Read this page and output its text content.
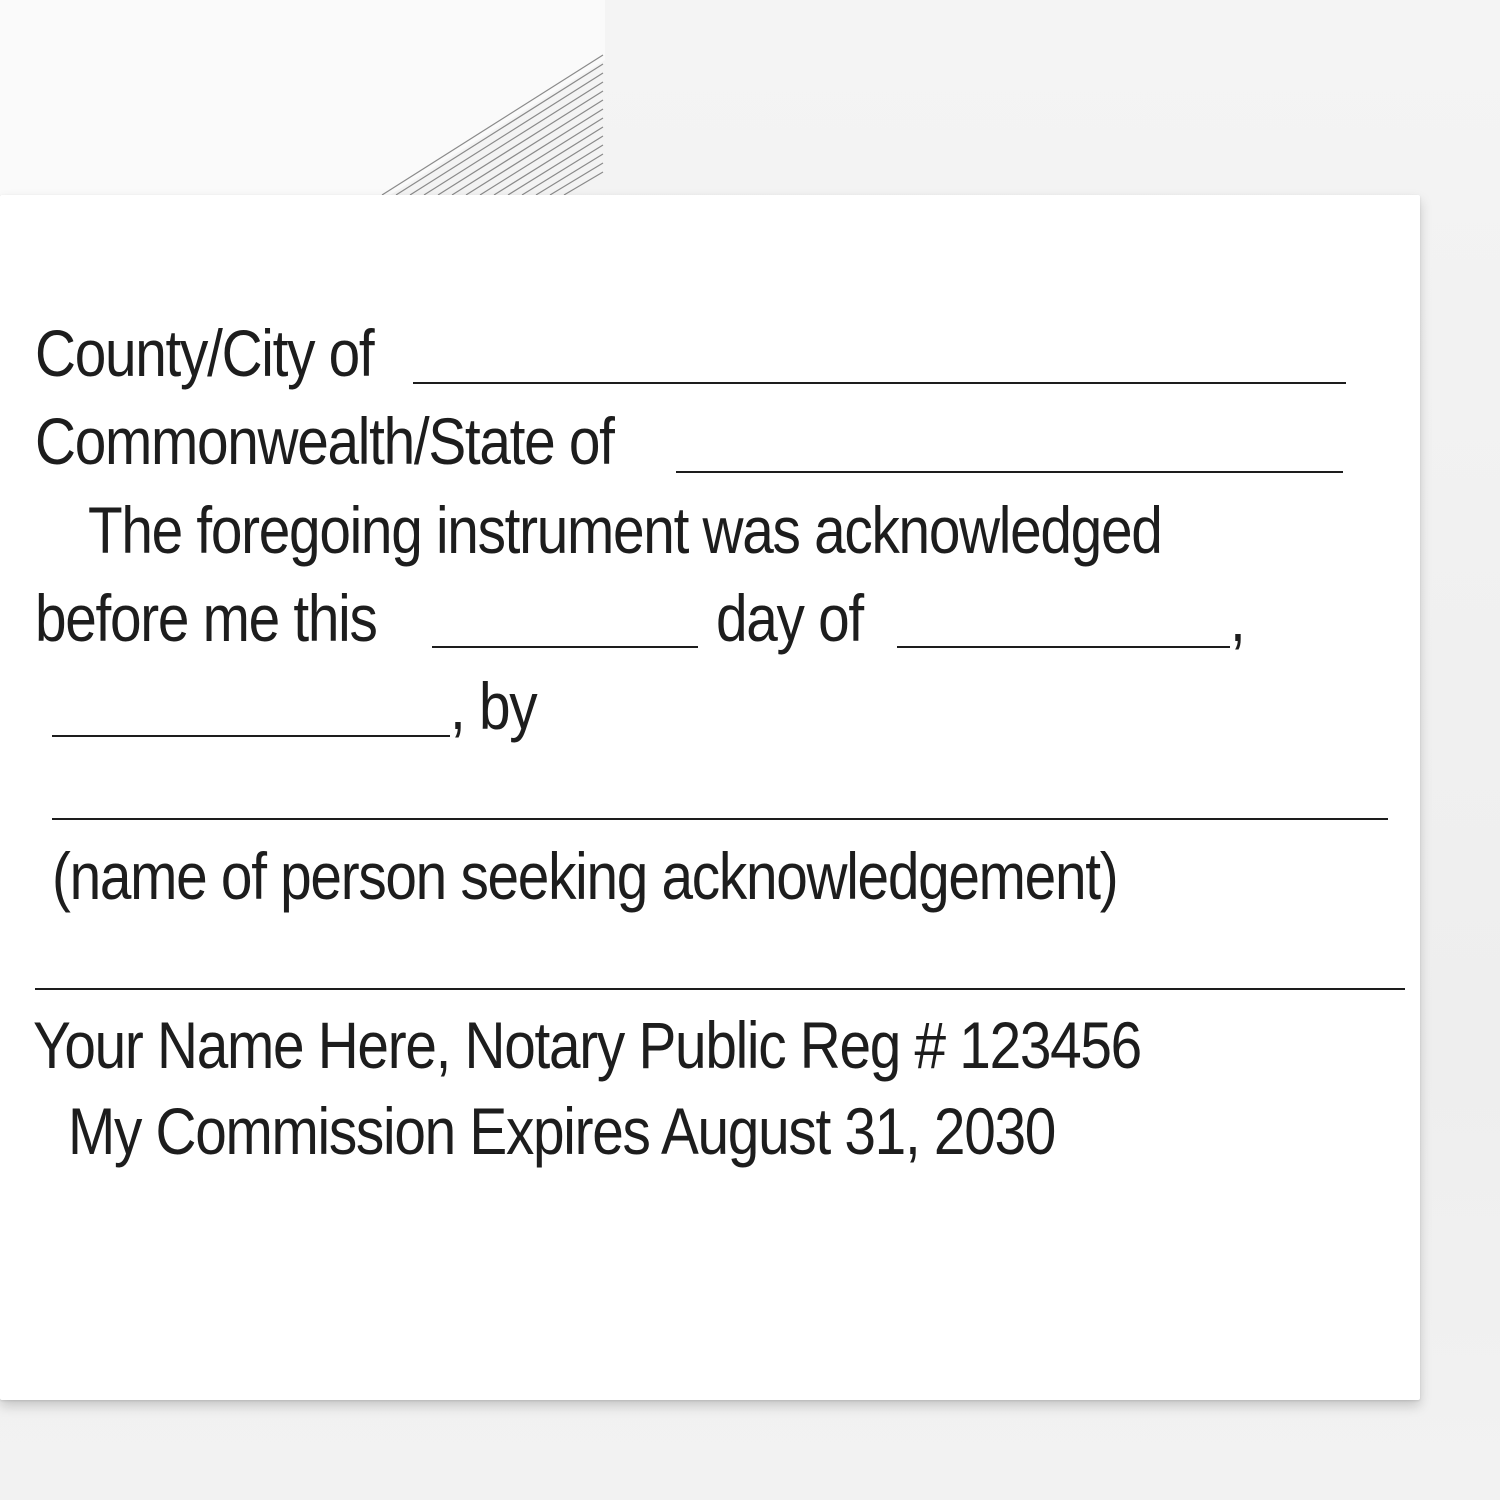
County/City of
Commonwealth/State of
The foregoing instrument was acknowledged
before me this	day of	,
, by
(name of person seeking acknowledgement)
Your Name Here, Notary Public Reg # 123456
My Commission Expires August 31, 2030
